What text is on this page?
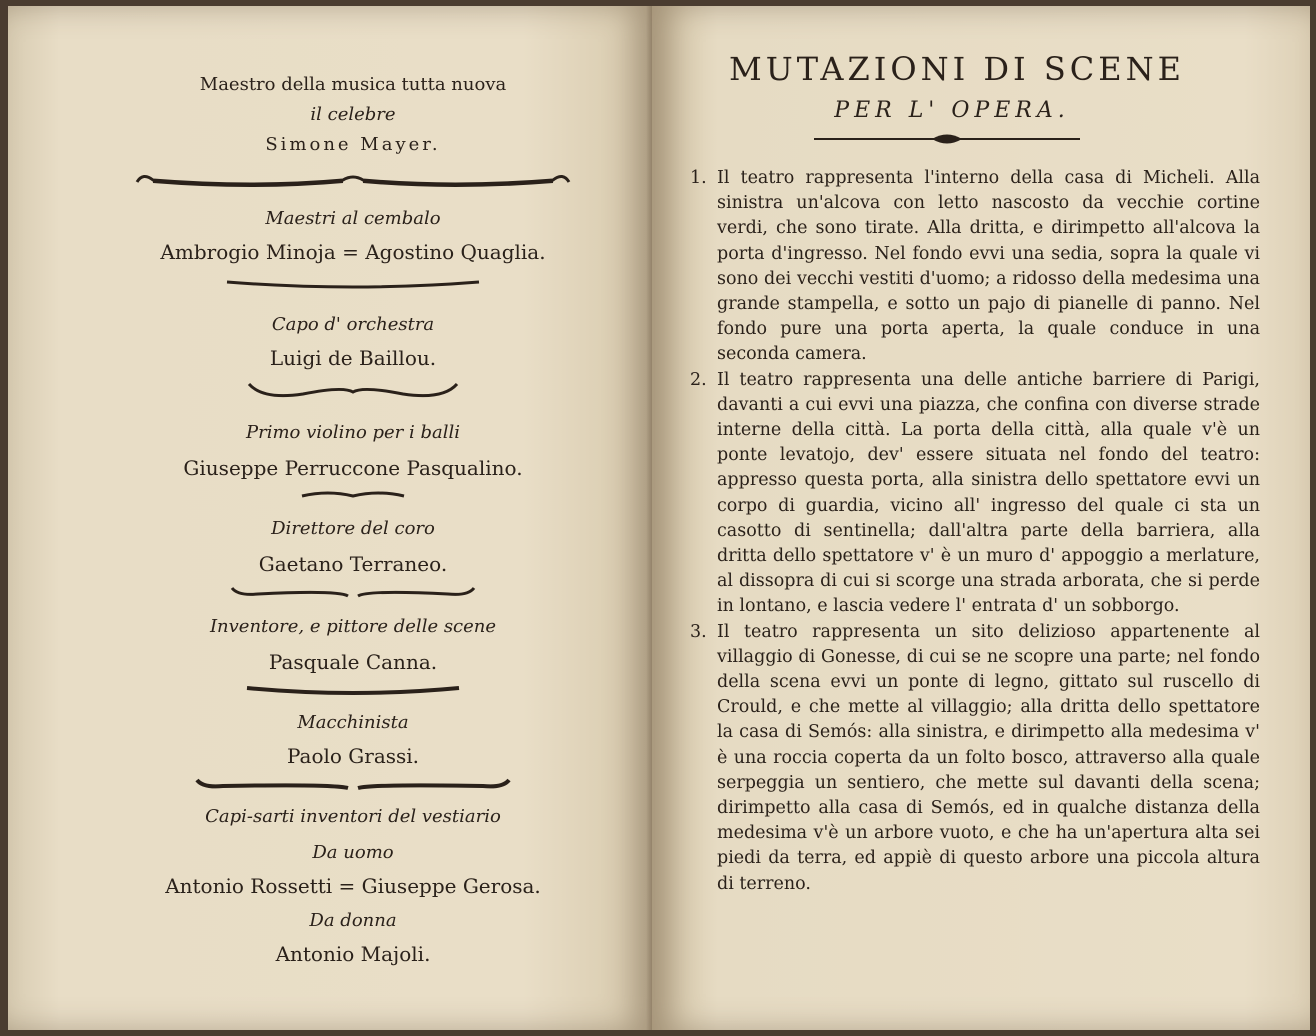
Maestro della musica tutta nuova
il celebre
Simone Mayer.
Maestri al cembalo
Ambrogio Minoja = Agostino Quaglia.
Capo d' orchestra
Luigi de Baillou.
Primo violino per i balli
Giuseppe Perruccone Pasqualino.
Direttore del coro
Gaetano Terraneo.
Inventore, e pittore delle scene
Pasquale Canna.
Macchinista
Paolo Grassi.
Capi-sarti inventori del vestiario
Da uomo
Antonio Rossetti = Giuseppe Gerosa.
Da donna
Antonio Majoli.
MUTAZIONI DI SCENE
PER L' OPERA.
1. Il teatro rappresenta l'interno della casa di Micheli. Alla sinistra un'alcova con letto nascosto da vecchie cortine verdi, che sono tirate. Alla dritta, e dirimpetto all'alcova la porta d'ingresso. Nel fondo evvi una sedia, sopra la quale vi sono dei vecchi vestiti d'uomo; a ridosso della medesima una grande stampella, e sotto un pajo di pianelle di panno. Nel fondo pure una porta aperta, la quale conduce in una seconda camera.
2. Il teatro rappresenta una delle antiche barriere di Parigi, davanti a cui evvi una piazza, che confina con diverse strade interne della città. La porta della città, alla quale v'è un ponte levatojo, dev' essere situata nel fondo del teatro: appresso questa porta, alla sinistra dello spettatore evvi un corpo di guardia, vicino all' ingresso del quale ci sta un casotto di sentinella; dall'altra parte della barriera, alla dritta dello spettatore v' è un muro d' appoggio a merlature, al dissopra di cui si scorge una strada arborata, che si perde in lontano, e lascia vedere l' entrata d' un sobborgo.
3. Il teatro rappresenta un sito delizioso appartenente al villaggio di Gonesse, di cui se ne scopre una parte; nel fondo della scena evvi un ponte di legno, gittato sul ruscello di Crould, e che mette al villaggio; alla dritta dello spettatore la casa di Semós: alla sinistra, e dirimpetto alla medesima v' è una roccia coperta da un folto bosco, attraverso alla quale serpeggia un sentiero, che mette sul davanti della scena; dirimpetto alla casa di Semós, ed in qualche distanza della medesima v'è un arbore vuoto, e che ha un'apertura alta sei piedi da terra, ed appiè di questo arbore una piccola altura di terreno.
